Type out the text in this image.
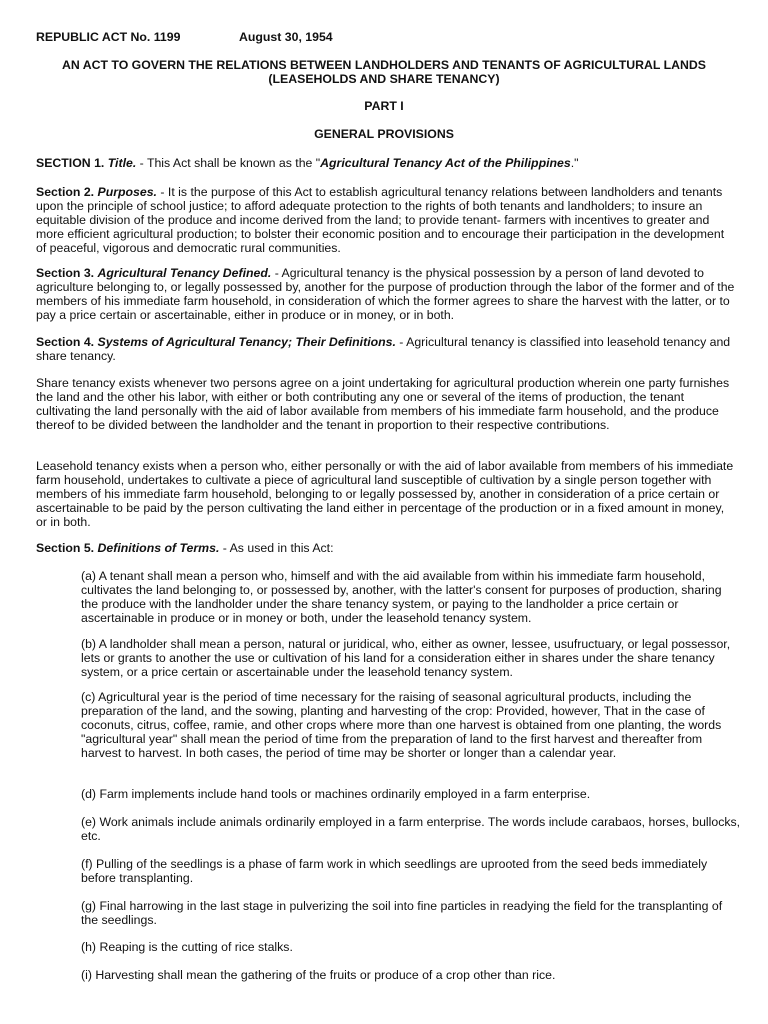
REPUBLIC ACT No. 1199	August 30, 1954
AN ACT TO GOVERN THE RELATIONS BETWEEN LANDHOLDERS AND TENANTS OF AGRICULTURAL LANDS
(LEASEHOLDS AND SHARE TENANCY)
PART I
GENERAL PROVISIONS

SECTION 1. Title. - This Act shall be known as the "Agricultural Tenancy Act of the Philippines."

Section 2. Purposes. - It is the purpose of this Act to establish agricultural tenancy relations between landholders and tenants upon the principle of school justice; to afford adequate protection to the rights of both tenants and landholders; to insure an equitable division of the produce and income derived from the land; to provide tenant- farmers with incentives to greater and more efficient agricultural production; to bolster their economic position and to encourage their participation in the development of peaceful, vigorous and democratic rural communities.

Section 3. Agricultural Tenancy Defined. - Agricultural tenancy is the physical possession by a person of land devoted to agriculture belonging to, or legally possessed by, another for the purpose of production through the labor of the former and of the members of his immediate farm household, in consideration of which the former agrees to share the harvest with the latter, or to pay a price certain or ascertainable, either in produce or in money, or in both.

Section 4. Systems of Agricultural Tenancy; Their Definitions. - Agricultural tenancy is classified into leasehold tenancy and share tenancy.

Share tenancy exists whenever two persons agree on a joint undertaking for agricultural production wherein one party furnishes the land and the other his labor, with either or both contributing any one or several of the items of production, the tenant cultivating the land personally with the aid of labor available from members of his immediate farm household, and the produce thereof to be divided between the landholder and the tenant in proportion to their respective contributions.

Leasehold tenancy exists when a person who, either personally or with the aid of labor available from members of his immediate farm household, undertakes to cultivate a piece of agricultural land susceptible of cultivation by a single person together with members of his immediate farm household, belonging to or legally possessed by, another in consideration of a price certain or ascertainable to be paid by the person cultivating the land either in percentage of the production or in a fixed amount in money, or in both.

Section 5. Definitions of Terms. - As used in this Act:

(a) A tenant shall mean a person who, himself and with the aid available from within his immediate farm household, cultivates the land belonging to, or possessed by, another, with the latter's consent for purposes of production, sharing the produce with the landholder under the share tenancy system, or paying to the landholder a price certain or ascertainable in produce or in money or both, under the leasehold tenancy system.

(b) A landholder shall mean a person, natural or juridical, who, either as owner, lessee, usufructuary, or legal possessor, lets or grants to another the use or cultivation of his land for a consideration either in shares under the share tenancy system, or a price certain or ascertainable under the leasehold tenancy system.

(c) Agricultural year is the period of time necessary for the raising of seasonal agricultural products, including the preparation of the land, and the sowing, planting and harvesting of the crop: Provided, however, That in the case of coconuts, citrus, coffee, ramie, and other crops where more than one harvest is obtained from one planting, the words "agricultural year" shall mean the period of time from the preparation of land to the first harvest and thereafter from harvest to harvest. In both cases, the period of time may be shorter or longer than a calendar year.

(d) Farm implements include hand tools or machines ordinarily employed in a farm enterprise.

(e) Work animals include animals ordinarily employed in a farm enterprise. The words include carabaos, horses, bullocks, etc.

(f) Pulling of the seedlings is a phase of farm work in which seedlings are uprooted from the seed beds immediately before transplanting.

(g) Final harrowing in the last stage in pulverizing the soil into fine particles in readying the field for the transplanting of the seedlings.

(h) Reaping is the cutting of rice stalks.

(i) Harvesting shall mean the gathering of the fruits or produce of a crop other than rice.
